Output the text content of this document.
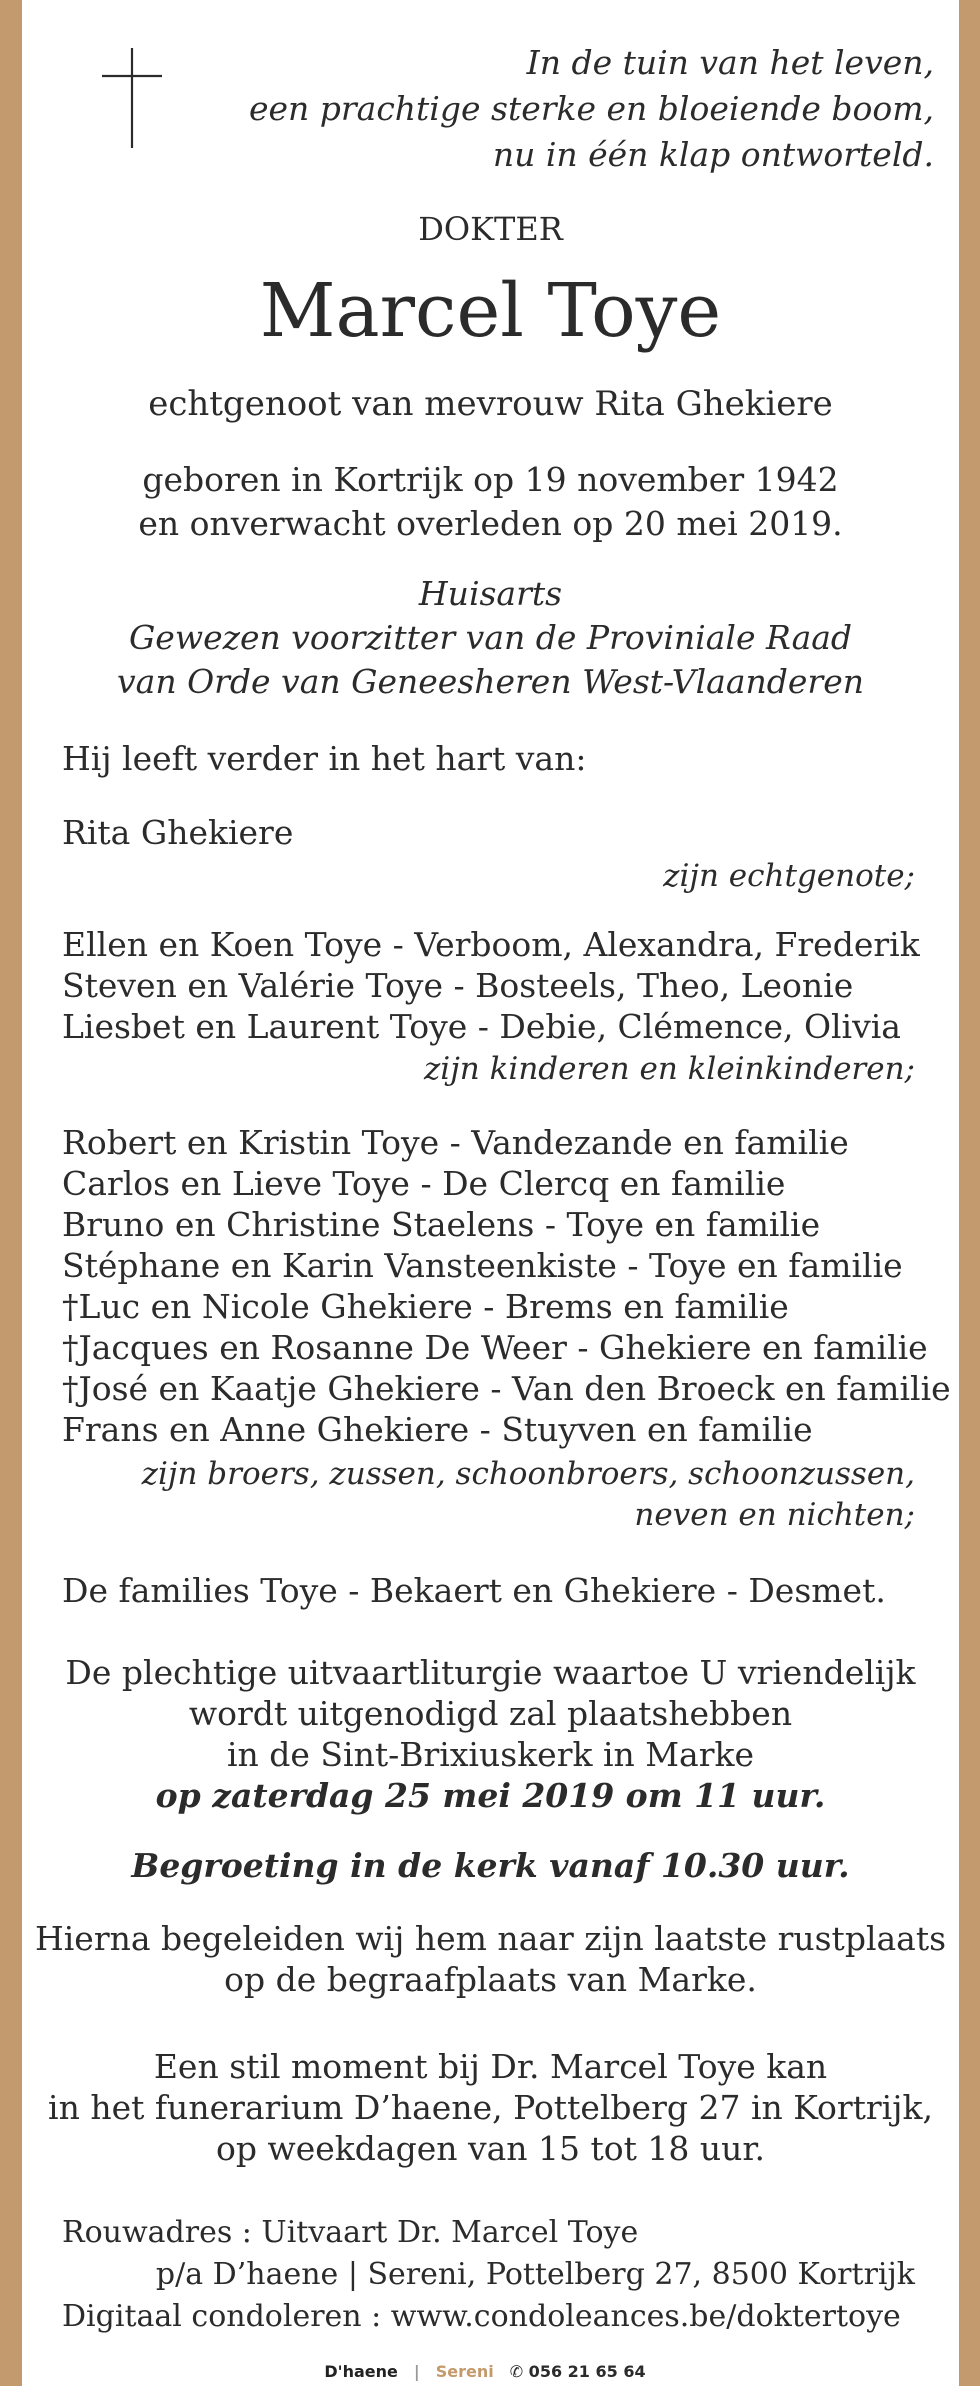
In de tuin van het leven,
een prachtige sterke en bloeiende boom,
nu in één klap ontworteld.
DOKTER
Marcel Toye
echtgenoot van mevrouw Rita Ghekiere
geboren in Kortrijk op 19 november 1942
en onverwacht overleden op 20 mei 2019.
Huisarts
Gewezen voorzitter van de Proviniale Raad
van Orde van Geneesheren West-Vlaanderen
Hij leeft verder in het hart van:
Rita Ghekiere
zijn echtgenote;
Ellen en Koen Toye - Verboom, Alexandra, Frederik
Steven en Valérie Toye - Bosteels, Theo, Leonie
Liesbet en Laurent Toye - Debie, Clémence, Olivia
zijn kinderen en kleinkinderen;
Robert en Kristin Toye - Vandezande en familie
Carlos en Lieve Toye - De Clercq en familie
Bruno en Christine Staelens - Toye en familie
Stéphane en Karin Vansteenkiste - Toye en familie
†Luc en Nicole Ghekiere - Brems en familie
†Jacques en Rosanne De Weer - Ghekiere en familie
†José en Kaatje Ghekiere - Van den Broeck en familie
Frans en Anne Ghekiere - Stuyven en familie
zijn broers, zussen, schoonbroers, schoonzussen,
neven en nichten;
De families Toye - Bekaert en Ghekiere - Desmet.
De plechtige uitvaartliturgie waartoe U vriendelijk
wordt uitgenodigd zal plaatshebben
in de Sint-Brixiuskerk in Marke
op zaterdag 25 mei 2019 om 11 uur.
Begroeting in de kerk vanaf 10.30 uur.
Hierna begeleiden wij hem naar zijn laatste rustplaats
op de begraafplaats van Marke.
Een stil moment bij Dr. Marcel Toye kan
in het funerarium D’haene, Pottelberg 27 in Kortrijk,
op weekdagen van 15 tot 18 uur.
Rouwadres : Uitvaart Dr. Marcel Toye
p/a D’haene | Sereni, Pottelberg 27, 8500 Kortrijk
Digitaal condoleren : www.condoleances.be/doktertoye
D'haene | Sereni ✆ 056 21 65 64
